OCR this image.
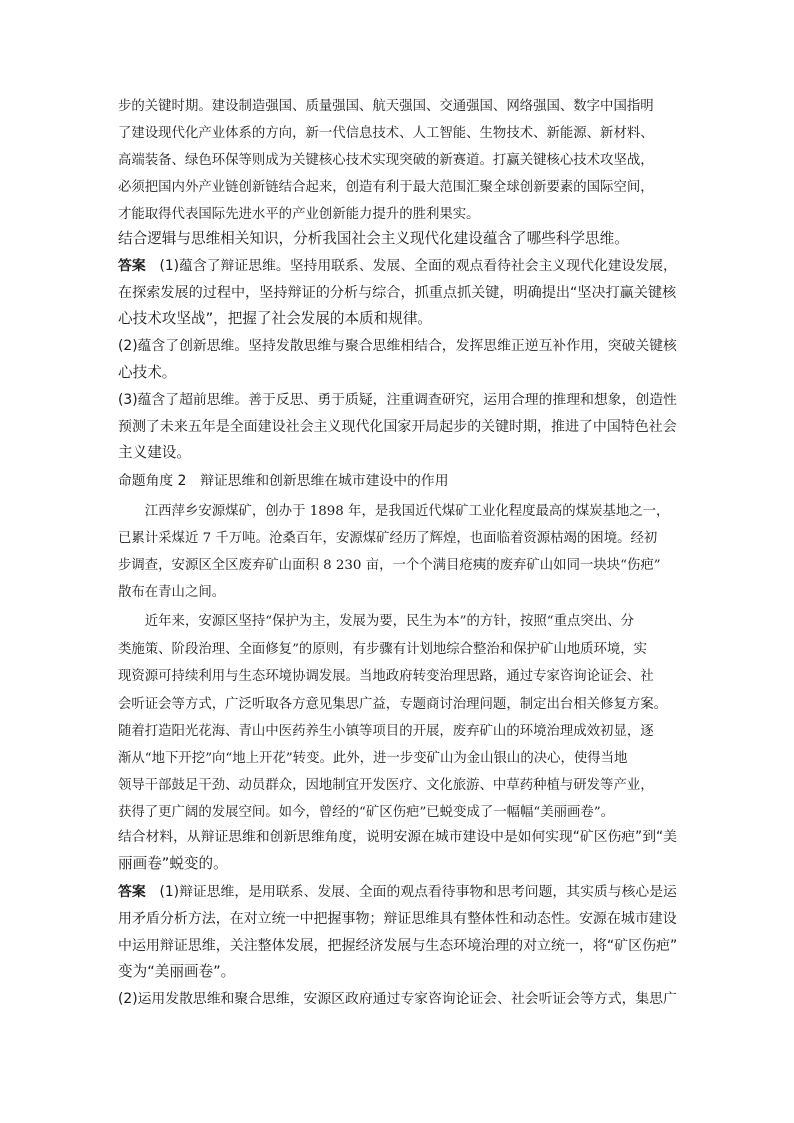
步的关键时期。建设制造强国、质量强国、航天强国、交通强国、网络强国、数字中国指明
了建设现代化产业体系的方向，新一代信息技术、人工智能、生物技术、新能源、新材料、
高端装备、绿色环保等则成为关键核心技术实现突破的新赛道。打赢关键核心技术攻坚战，
必须把国内外产业链创新链结合起来，创造有利于最大范围汇聚全球创新要素的国际空间，
才能取得代表国际先进水平的产业创新能力提升的胜利果实。
结合逻辑与思维相关知识，分析我国社会主义现代化建设蕴含了哪些科学思维。
答案　 (1)蕴含了辩证思维。坚持用联系、发展、全面的观点看待社会主义现代化建设发展，
在探索发展的过程中，坚持辩证的分析与综合，抓重点抓关键，明确提出“坚决打赢关键核
心技术攻坚战”，把握了社会发展的本质和规律。
(2)蕴含了创新思维。坚持发散思维与聚合思维相结合，发挥思维正逆互补作用，突破关键核
心技术。
(3)蕴含了超前思维。善于反思、勇于质疑，注重调查研究，运用合理的推理和想象，创造性
预测了未来五年是全面建设社会主义现代化国家开局起步的关键时期，推进了中国特色社会
主义建设。
命题角度 2　辩证思维和创新思维在城市建设中的作用
　　江西萍乡安源煤矿，创办于 1898 年，是我国近代煤矿工业化程度最高的煤炭基地之一，
已累计采煤近 7 千万吨。沧桑百年，安源煤矿经历了辉煌，也面临着资源枯竭的困境。经初
步调查，安源区全区废弃矿山面积 8 230 亩，一个个满目疮痍的废弃矿山如同一块块“伤疤”
散布在青山之间。
　　近年来，安源区坚持“保护为主，发展为要，民生为本”的方针，按照“重点突出、分
类施策、阶段治理、全面修复”的原则，有步骤有计划地综合整治和保护矿山地质环境，实
现资源可持续利用与生态环境协调发展。当地政府转变治理思路，通过专家咨询论证会、社
会听证会等方式，广泛听取各方意见集思广益，专题商讨治理问题，制定出台相关修复方案。
随着打造阳光花海、青山中医药养生小镇等项目的开展，废弃矿山的环境治理成效初显，逐
渐从“地下开挖”向“地上开花”转变。此外，进一步变矿山为金山银山的决心，使得当地
领导干部鼓足干劲、动员群众，因地制宜开发医疗、文化旅游、中草药种植与研发等产业，
获得了更广阔的发展空间。如今，曾经的“矿区伤疤”已蜕变成了一幅幅“美丽画卷”。
结合材料，从辩证思维和创新思维角度，说明安源在城市建设中是如何实现“矿区伤疤”到“美
丽画卷”蜕变的。
答案　 (1)辩证思维，是用联系、发展、全面的观点看待事物和思考问题，其实质与核心是运
用矛盾分析方法，在对立统一中把握事物；辩证思维具有整体性和动态性。安源在城市建设
中运用辩证思维，关注整体发展，把握经济发展与生态环境治理的对立统一，将“矿区伤疤”
变为“美丽画卷”。
(2)运用发散思维和聚合思维，安源区政府通过专家咨询论证会、社会听证会等方式，集思广
